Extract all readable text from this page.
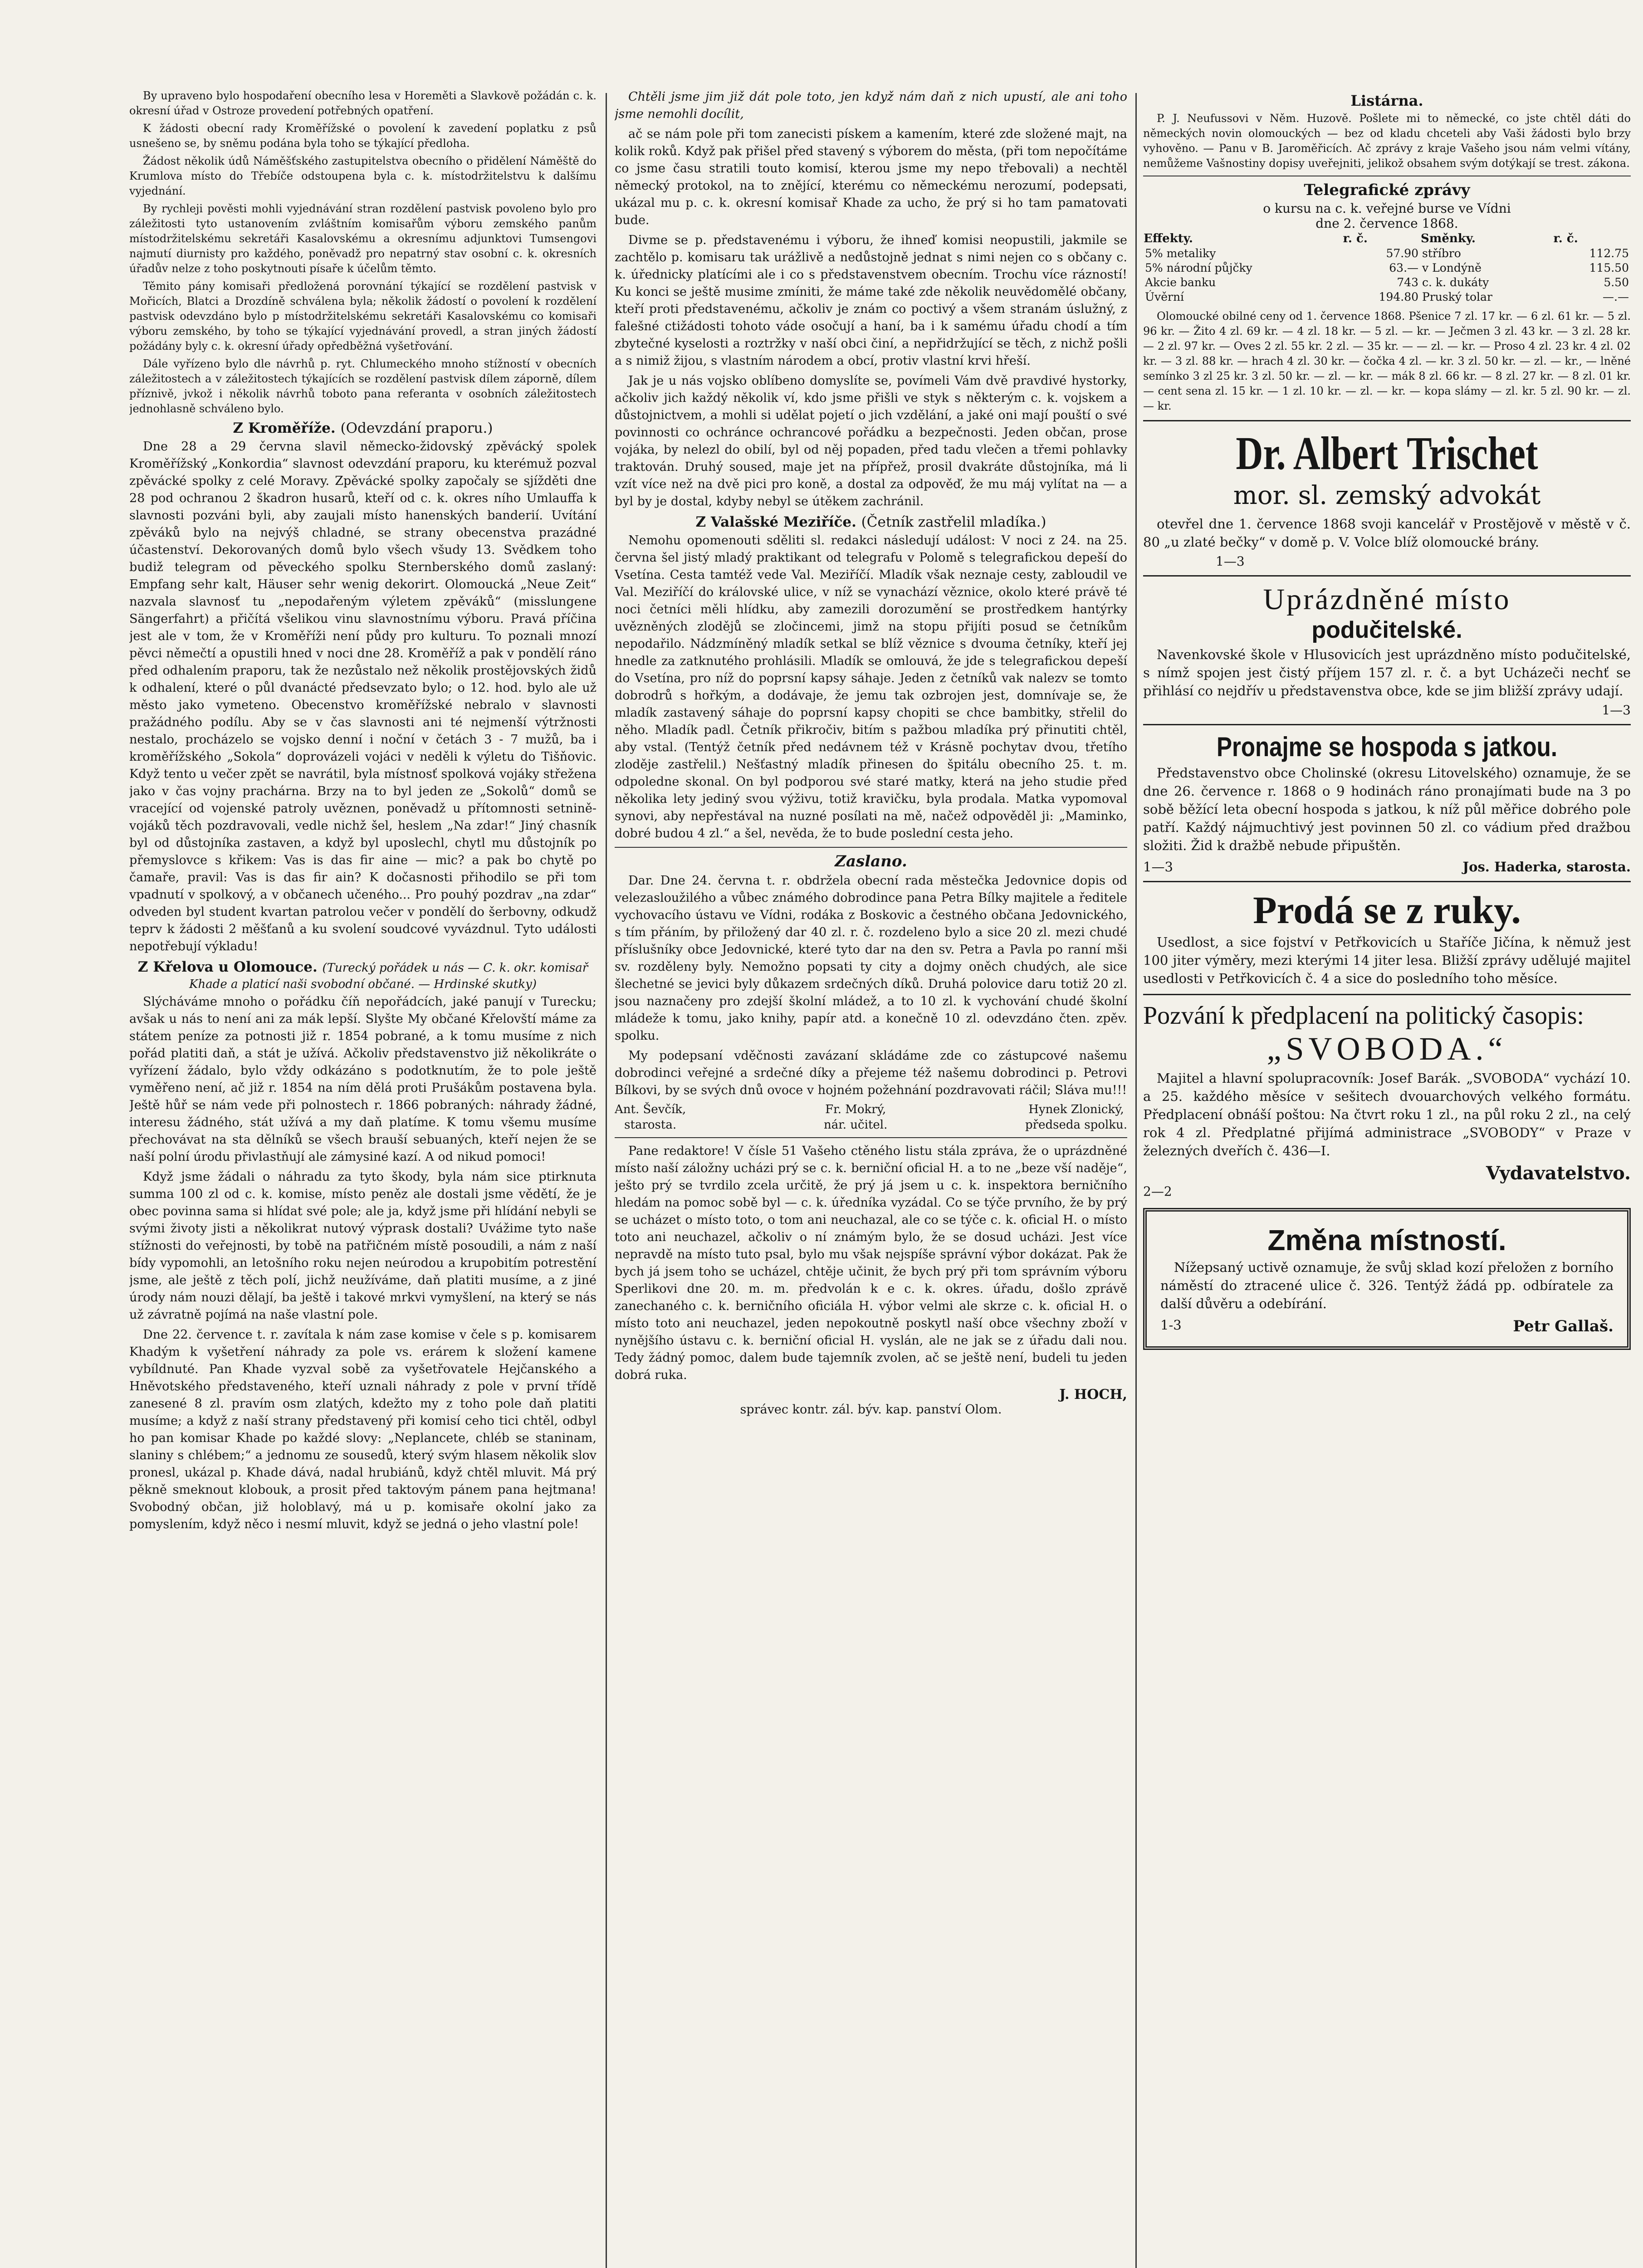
By upraveno bylo hospodaření obecního lesa v Horeměti a Slavkově požádán c. k. okresní úřad v Ostroze provedení potřebných opatření.

K žádosti obecní rady Kroměřížské o povolení k zavedení poplatku z psů usnešeno se, by sněmu podána byla toho se týkající předloha.

Žádost několik údů Náměšťského zastupitelstva obecního o přidělení Náměště do Krumlova místo do Třebíče odstoupena byla c. k. místodržitelstvu k dalšímu vyjednání.

By rychleji pověsti mohli vyjednávání stran rozdělení pastvisk povoleno bylo pro záležitosti tyto ustanovením zvláštním komisařům výboru zemského panům místodržitelskému sekretáři Kasalovskému a okresnímu adjunktovi Tumsengovi najmutí diurnisty pro každého, poněvadž pro nepatrný stav osobní c. k. okresních úřadův nelze z toho poskytnouti písaře k účelům těmto.

Těmito pány komisaři předložená porovnání týkající se rozdělení pastvisk v Mořicích, Blatci a Drozdíně schválena byla; několik žádostí o povolení k rozdělení pastvisk odevzdáno bylo p místodržitelskému sekretáři Kasalovskému co komisaři výboru zemského, by toho se týkající vyjednávání provedl, a stran jiných žádostí požádány byly c. k. okresní úřady opředběžná vyšetřování.

Dále vyřízeno bylo dle návrhů p. ryt. Chlumeckého mnoho stížností v obecních záležitostech a v záležitostech týkajících se rozdělení pastvisk dílem záporně, dílem příznivě, jvkož i několik návrhů toboto pana referanta v osobních záležitostech jednohlasně schváleno bylo.

Z Kroměříže. (Odevzdání praporu.)

Dne 28 a 29 června slavil německo-židovský zpěvácký spolek Kroměřížský „Konkordia“ slavnost odevzdání praporu, ku kterémuž pozval zpěvácké spolky z celé Moravy. Zpěvácké spolky započaly se sjížděti dne 28 pod ochranou 2 škadron husarů, kteří od c. k. okres ního Umlauffa k slavnosti pozváni byli, aby zaujali místo hanenských banderií. Uvítání zpěváků bylo na nejvýš chladné, se strany obecenstva prazádné účastenství. Dekorovaných domů bylo všech všudy 13. Svědkem toho budiž telegram od pěveckého spolku Sternberského domů zaslaný: Empfang sehr kalt, Häuser sehr wenig dekorirt. Olomoucká „Neue Zeit“ nazvala slavnosť tu „nepodařeným výletem zpěváků“ (misslungene Sängerfahrt) a přičítá všelikou vinu slavnostnímu výboru. Pravá příčina jest ale v tom, že v Kroměříži není půdy pro kulturu. To poznali mnozí pěvci němečtí a opustili hned v noci dne 28. Kroměříž a pak v pondělí ráno před odhalením praporu, tak že nezůstalo než několik prostějovských židů k odhalení, které o půl dvanácté předsevzato bylo; o 12. hod. bylo ale už město jako vymeteno. Obecenstvo kroměřížské nebralo v slavnosti pražádného podílu. Aby se v čas slavnosti ani té nejmenší výtržnosti nestalo, procházelo se vojsko denní i noční v četách 3 - 7 mužů, ba i kroměřížského „Sokola“ doprovázeli vojáci v neděli k výletu do Tišňovic. Když tento u večer zpět se navrátil, byla místnosť spolková vojáky střežena jako v čas vojny prachárna. Brzy na to byl jeden ze „Sokolů“ domů se vracející od vojenské patroly uvěznen, poněvadž u přítomnosti setnině-vojáků těch pozdravovali, vedle nichž šel, heslem „Na zdar!“ Jiný chasník byl od důstojníka zastaven, a když byl uposlechl, chytl mu důstojník po přemyslovce s křikem: Vas is das fir aine — mic? a pak bo chytě po čamaře, pravil: Vas is das fir ain? K dočasnosti přihodilo se při tom vpadnutí v spolkový, a v občanech učeného... Pro pouhý pozdrav „na zdar“ odveden byl student kvartan patrolou večer v pondělí do šerbovny, odkudž teprv k žádosti 2 měšťanů a ku svolení soudcové vyvázdnul. Tyto události nepotřebují výkladu!

Z Křelova u Olomouce. (Turecký pořádek u nás — C. k. okr. komisař Khade a platicí naši svobodní občané. — Hrdinské skutky)

Slýcháváme mnoho o pořádku číň nepořádcích, jaké panují v Turecku; avšak u nás to není ani za mák lepší. Slyšte My občané Křelovští máme za státem peníze za potnosti již r. 1854 pobrané, a k tomu musíme z nich pořád platiti daň, a stát je užívá. Ačkoliv představenstvo již několikráte o vyřízení žádalo, bylo vždy odkázáno s podotknutím, že to pole ještě vyměřeno není, ač již r. 1854 na ním dělá proti Prušákům postavena byla. Ještě hůř se nám vede při polnostech r. 1866 pobraných: náhrady žádné, interesu žádného, stát užívá a my daň platíme. K tomu všemu musíme přechovávat na sta dělníků se všech brauší sebuaných, kteří nejen že se naší polní úrodu přivlastňují ale zámysiné kazí. A od nikud pomoci!

Když jsme žádali o náhradu za tyto škody, byla nám sice ptirknuta summa 100 zl od c. k. komise, místo peněz ale dostali jsme vědětí, že je obec povinna sama si hlídat své pole; ale ja, když jsme při hlídání nebyli se svými životy jisti a několikrat nutový výprask dostali? Uvážime tyto naše stížnosti do veřejnosti, by tobě na patřičném místě posoudili, a nám z naší bídy vypomohli, an letošního roku nejen neúrodou a krupobitím potrestění jsme, ale ještě z těch polí, jichž neužíváme, daň platiti musíme, a z jiné úrody nám nouzi dělají, ba ještě i takové mrkvi vymyšlení, na který se nás už závratně pojímá na naše vlastní pole.

Dne 22. července t. r. zavítala k nám zase komise v čele s p. komisarem Khadým k vyšetření náhrady za pole vs. erárem k složení kamene vybíldnuté. Pan Khade vyzval sobě za vyšetřovatele Hejčanského a Hněvotského představeného, kteří uznali náhrady z pole v první třídě zanesené 8 zl. pravím osm zlatých, kdežto my z toho pole daň platiti musíme; a když z naší strany představený při komisí ceho tici chtěl, odbyl ho pan komisar Khade po každé slovy: „Neplancete, chléb se staninam, slaniny s chlébem;“ a jednomu ze sousedů, který svým hlasem několik slov pronesl, ukázal p. Khade dává, nadal hrubiánů, když chtěl mluvit. Má prý pěkně smeknout klobouk, a prosit před taktovým pánem pana hejtmana! Svobodný občan, již holoblavý, má u p. komisaře okolní jako za pomyslením, když něco i nesmí mluvit, když se jedná o jeho vlastní pole!

Chtěli jsme jim již dát pole toto, jen když nám daň z nich upustí, ale ani toho jsme nemohli docílit,

ač se nám pole při tom zanecisti pískem a kamením, které zde složené majt, na kolik roků. Když pak přišel před stavený s výborem do města, (při tom nepočítáme co jsme času stratili touto komisí, kterou jsme my nepo třebovali) a nechtěl německý protokol, na to znějící, kterému co německému nerozumí, podepsati, ukázal mu p. c. k. okresní komisař Khade za ucho, že prý si ho tam pamatovati bude.

Divme se p. představenému i výboru, že ihneď komisi neopustili, jakmile se zachtělo p. komisaru tak urážlivě a nedůstojně jednat s nimi nejen co s občany c. k. úřednicky platícími ale i co s představenstvem obecním. Trochu více rázností! Ku konci se ještě musime zmíniti, že máme také zde několik neuvědomělé občany, kteří proti představenému, ačkoliv je znám co poctivý a všem stranám úslužný, z falešné ctižádosti tohoto váde osočují a haní, ba i k samému úřadu chodí a tím zbytečné kyselosti a roztržky v naší obci činí, a nepřidržující se těch, z nichž pošli a s nimiž žijou, s vlastním národem a obcí, protiv vlastní krvi hřeší.

Jak je u nás vojsko oblíbeno domyslíte se, povímeli Vám dvě pravdivé hystorky, ačkoliv jich každý několik ví, kdo jsme přišli ve styk s některým c. k. vojskem a důstojnictvem, a mohli si udělat pojetí o jich vzdělání, a jaké oni mají pouští o své povinnosti co ochránce ochrancové pořádku a bezpečnosti. Jeden občan, prose vojáka, by nelezl do obilí, byl od něj popaden, před tadu vlečen a třemi pohlavky traktován. Druhý soused, maje jet na přípřež, prosil dvakráte důstojníka, má li vzít více než na dvě pici pro koně, a dostal za odpověď, že mu máj vylítat na — a byl by je dostal, kdyby nebyl se útěkem zachránil.

Z Valašské Meziříče. (Četník zastřelil mladíka.)

Nemohu opomenouti sděliti sl. redakci následují událost: V noci z 24. na 25. června šel jistý mladý praktikant od telegrafu v Polomě s telegrafickou depeší do Vsetína. Cesta tamtéž vede Val. Meziříčí. Mladík však neznaje cesty, zabloudil ve Val. Meziříčí do královské ulice, v níž se vynachází věznice, okolo které právě té noci četníci měli hlídku, aby zamezili dorozumění se prostředkem hantýrky uvězněných zlodějů se zločincemi, jimž na stopu přijíti posud se četníkům nepodařilo. Nádzmíněný mladík setkal se blíž věznice s dvouma četníky, kteří jej hnedle za zatknutého prohlásili. Mladík se omlouvá, že jde s telegrafickou depeší do Vsetína, pro níž do poprsní kapsy sáhaje. Jeden z četníků vak nalezv se tomto dobrodrů s hořkým, a dodávaje, že jemu tak ozbrojen jest, domnívaje se, že mladík zastavený sáhaje do poprsní kapsy chopiti se chce bambitky, střelil do něho. Mladík padl. Četník přikročiv, bitím s pažbou mladíka prý přinutiti chtěl, aby vstal. (Tentýž četník před nedávnem též v Krásně pochytav dvou, třetího zloděje zastřelil.) Nešťastný mladík přinesen do špitálu obecního 25. t. m. odpoledne skonal. On byl podporou své staré matky, která na jeho studie před několika lety jediný svou výživu, totiž kravičku, byla prodala. Matka vypomoval synovi, aby nepřestával na nuzné posílati na mě, načež odpověděl ji: „Maminko, dobré budou 4 zl.“ a šel, nevěda, že to bude poslední cesta jeho.

Zaslano.

Dar. Dne 24. června t. r. obdržela obecní rada městečka Jedovnice dopis od velezasloužilého a vůbec známého dobrodince pana Petra Bílky majitele a ředitele vychovacího ústavu ve Vídni, rodáka z Boskovic a čestného občana Jedovnického, s tím přáním, by přiložený dar 40 zl. r. č. rozdeleno bylo a sice 20 zl. mezi chudé příslušníky obce Jedovnické, které tyto dar na den sv. Petra a Pavla po ranní mši sv. rozděleny byly. Nemožno popsati ty city a dojmy oněch chudých, ale sice šlechetné se jevici byly důkazem srdečných díků. Druhá polovice daru totiž 20 zl. jsou naznačeny pro zdejší školní mládež, a to 10 zl. k vychování chudé školní mládeže k tomu, jako knihy, papír atd. a konečně 10 zl. odevzdáno čten. zpěv. spolku.

My podepsaní vděčnosti zavázaní skládáme zde co zástupcové našemu dobrodinci veřejné a srdečné díky a přejeme též našemu dobrodinci p. Petrovi Bílkovi, by se svých dnů ovoce v hojném požehnání pozdravovati ráčil; Sláva mu!!!

Ant. Ševčík,
starosta.
Fr. Mokrý,
nár. učitel.
Hynek Zlonický,
předseda spolku.

Pane redaktore! V čísle 51 Vašeho ctěného listu stála zpráva, že o uprázdněné místo naší záložny ucházi prý se c. k. berniční oficial H. a to ne „beze vší naděje“, ješto prý se tvrdilo zcela určitě, že prý já jsem u c. k. inspektora berničního hledám na pomoc sobě byl — c. k. úředníka vyzádal. Co se týče prvního, že by prý se ucházet o místo toto, o tom ani neuchazal, ale co se týče c. k. oficial H. o místo toto ani neuchazel, ačkoliv o ní známým bylo, že se dosud ucházi. Jest více nepravdě na místo tuto psal, bylo mu však nejspíše správní výbor dokázat. Pak že bych já jsem toho se ucházel, chtěje učinit, že bych prý při tom správním výboru Sperlikovi dne 20. m. m. předvolán k e c. k. okres. úřadu, došlo zprávě zanechaného c. k. berničního oficiála H. výbor velmi ale skrze c. k. oficial H. o místo toto ani neuchazel, jeden nepokoutně poskytl naší obce všechny zboží v nynějšího ústavu c. k. berniční oficial H. vyslán, ale ne jak se z úřadu dali nou. Tedy žádný pomoc, dalem bude tajemník zvolen, ač se ještě není, budeli tu jeden dobrá ruka.

J. HOCH,
správec kontr. zál. býv. kap. panství Olom.
Listárna.

P. J. Neufussovi v Něm. Huzově. Pošlete mi to německé, co jste chtěl dáti do německých novin olomouckých — bez od kladu chceteli aby Vaši žádosti bylo brzy vyhověno. — Panu v B. Jaroměřicích. Ač zprávy z kraje Vašeho jsou nám velmi vítány, nemůžeme Vašnostiny dopisy uveřejniti, jelikož obsahem svým dotýkají se trest. zákona.

Telegrafické zprávy
o kursu na c. k. veřejné burse ve Vídni
dne 2. července 1868.
Effekty.	r. č.	Směnky.	r. č.
5% metaliky	57.90	stříbro	112.75
5% národní půjčky	63.—	v Londýně	115.50
Akcie banku	743	c. k. dukáty	5.50
Úvěrní	194.80	Pruský tolar	—.—

Olomoucké obilné ceny od 1. července 1868. Pšenice 7 zl. 17 kr. — 6 zl. 61 kr. — 5 zl. 96 kr. — Žito 4 zl. 69 kr. — 4 zl. 18 kr. — 5 zl. — kr. — Ječmen 3 zl. 43 kr. — 3 zl. 28 kr. — 2 zl. 97 kr. — Oves 2 zl. 55 kr. 2 zl. — 35 kr. — — zl. — kr. — Proso 4 zl. 23 kr. 4 zl. 02 kr. — 3 zl. 88 kr. — hrach 4 zl. 30 kr. — čočka 4 zl. — kr. 3 zl. 50 kr. — zl. — kr., — lněné semínko 3 zl 25 kr. 3 zl. 50 kr. — zl. — kr. — mák 8 zl. 66 kr. — 8 zl. 27 kr. — 8 zl. 01 kr. — cent sena zl. 15 kr. — 1 zl. 10 kr. — zl. — kr. — kopa slámy — zl. kr. 5 zl. 90 kr. — zl. — kr.

Dr. Albert Trischet
mor. sl. zemský advokát

otevřel dne 1. července 1868 svoji kancelář v Prostějově v městě v č. 80 „u zlaté bečky“ v domě p. V. Volce blíž olomoucké brány.

1—3
Uprázdněné místo
podučitelské.

Navenkovské škole v Hlusovicích jest uprázdněno místo podučitelské, s nímž spojen jest čistý příjem 157 zl. r. č. a byt Ucházeči nechť se přihlásí co nejdřív u představenstva obce, kde se jim bližší zprávy udají.

1—3
Pronajme se hospoda s jatkou.

Představenstvo obce Cholinské (okresu Litovelského) oznamuje, že se dne 26. července r. 1868 o 9 hodinách ráno pronajímati bude na 3 po sobě běžící leta obecní hospoda s jatkou, k níž půl měřice dobrého pole patří. Každý nájmuchtivý jest povinnen 50 zl. co vádium před dražbou složiti. Žid k dražbě nebude připuštěn.

1—3	Jos. Haderka, starosta.
Prodá se z ruky.

Usedlost, a sice fojství v Petřkovicích u Staříče Jičína, k němuž jest 100 jiter výměry, mezi kterými 14 jiter lesa. Bližší zprávy udělujé majitel usedlosti v Petřkovicích č. 4 a sice do posledního toho měsíce.

Pozvání k předplacení na politický časopis:
„SVOBODA.“

Majitel a hlavní spolupracovník: Josef Barák. „SVOBODA“ vychází 10. a 25. každého měsíce v sešitech dvouarchových velkého formátu. Předplacení obnáší poštou: Na čtvrt roku 1 zl., na půl roku 2 zl., na celý rok 4 zl. Předplatné přijímá administrace „SVOBODY“ v Praze v železných dveřích č. 436—I.

Vydavatelstvo.
2—2
Změna místností.

Nížepsaný uctivě oznamuje, že svůj sklad kozí přeložen z borního náměstí do ztracené ulice č. 326. Tentýž žádá pp. odbíratele za další důvěru a odebírání.

1-3	Petr Gallaš.
